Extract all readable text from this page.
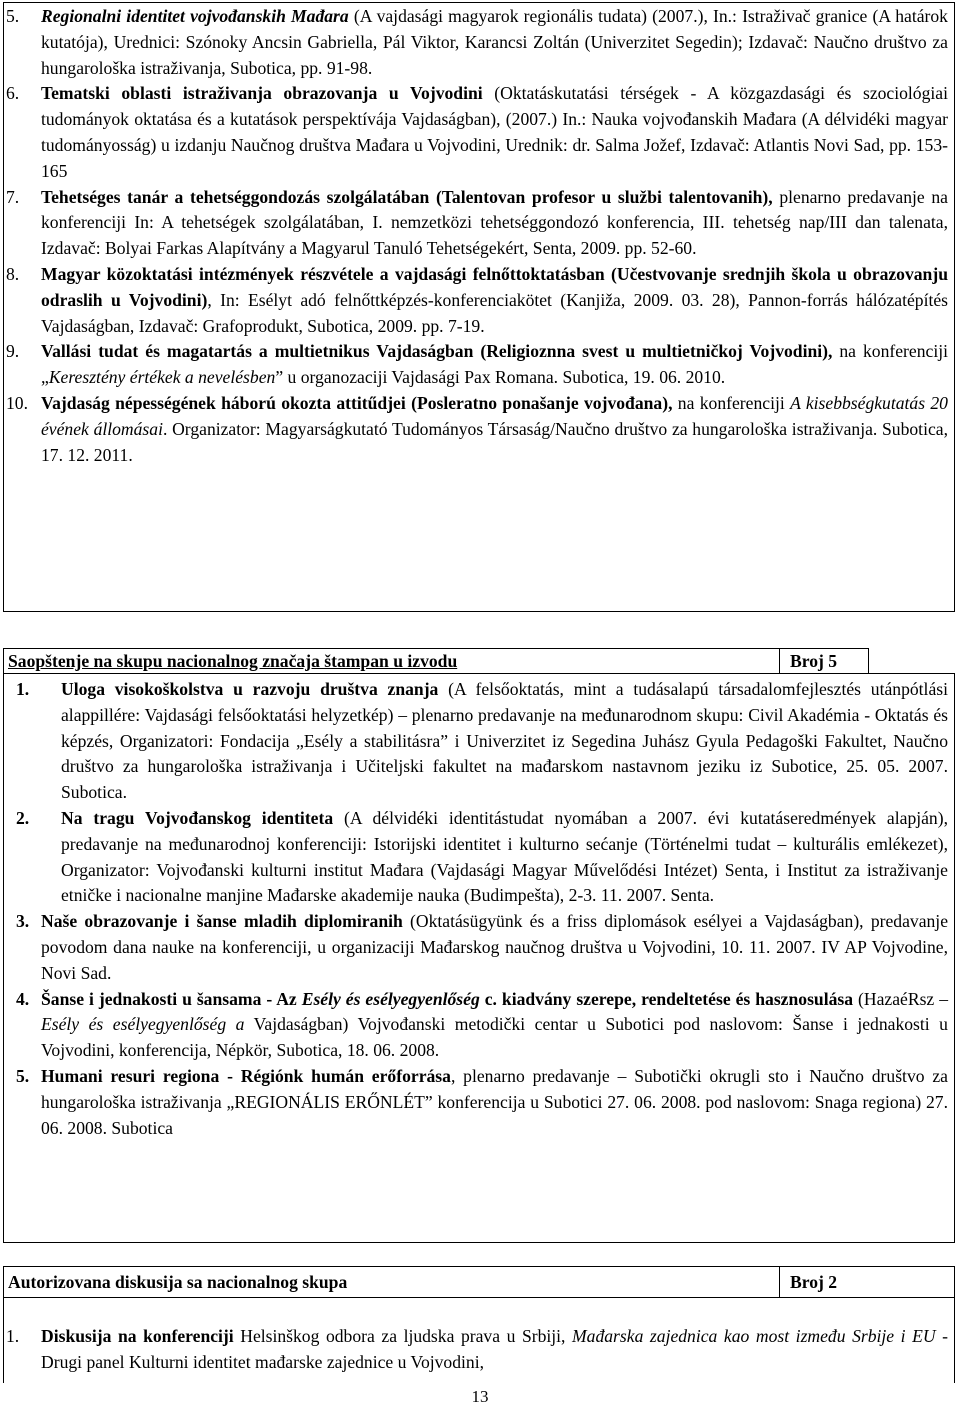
5.	Regionalni identitet vojvođanskih Mađara (A vajdasági magyarok regionális tudata) (2007.), In.: Istraživač granice (A határok kutatója), Urednici: Szónoky Ancsin Gabriella, Pál Viktor, Karancsi Zoltán (Univerzitet Segedin); Izdavač: Naučno društvo za hungarološka istraživanja, Subotica, pp. 91-98.
6.	Tematski oblasti istraživanja obrazovanja u Vojvodini (Oktatáskutatási térségek - A közgazdasági és szociológiai tudományok oktatása és a kutatások perspektívája Vajdaságban), (2007.) In.: Nauka vojvođanskih Mađara (A délvidéki magyar tudományosság) u izdanju Naučnog društva Mađara u Vojvodini, Urednik: dr. Salma Jožef, Izdavač: Atlantis Novi Sad, pp. 153-165
7.	Tehetséges tanár a tehetséggondozás szolgálatában (Talentovan profesor u službi talentovanih), plenarno predavanje na konferenciji In: A tehetségek szolgálatában, I. nemzetközi tehetséggondozó konferencia, III. tehetség nap/III dan talenata, Izdavač: Bolyai Farkas Alapítvány a Magyarul Tanuló Tehetségekért, Senta, 2009. pp. 52-60.
8.	Magyar közoktatási intézmények részvétele a vajdasági felnőttoktatásban (Učestvovanje srednjih škola u obrazovanju odraslih u Vojvodini), In: Esélyt adó felnőttképzés-konferenciakötet (Kanjiža, 2009. 03. 28), Pannon-forrás hálózatépítés Vajdaságban, Izdavač: Grafoprodukt, Subotica, 2009. pp. 7-19.
9.	Vallási tudat és magatartás a multietnikus Vajdaságban (Religioznna svest u multietničkoj Vojvodini), na konferenciji „Keresztény értékek a nevelésben” u organozaciji Vajdasági Pax Romana. Subotica, 19. 06. 2010.
10. Vajdaság népességének háború okozta attitűdjei (Posleratno ponašanje vojvođana), na konferenciji A kisebbségkutatás 20 évének állomásai. Organizator: Magyarságkutató Tudományos Társaság/Naučno društvo za hungarološka istraživanja. Subotica, 17. 12. 2011.
Saopštenje na skupu nacionalnog značaja štampan u izvodu	Broj 5
1.	Uloga visokoškolstva u razvoju društva znanja (A felsőoktatás, mint a tudásalapú társadalomfejlesztés utánpótlási alappillére: Vajdasági felsőoktatási helyzetkép) – plenarno predavanje na međunarodnom skupu: Civil Akadémia - Oktatás és képzés, Organizatori: Fondacija „Esély a stabilitásra” i Univerzitet iz Segedina Juhász Gyula Pedagoški Fakultet, Naučno društvo za hungarološka istraživanja i Učiteljski fakultet na mađarskom nastavnom jeziku iz Subotice, 25. 05. 2007. Subotica.
2.	Na tragu Vojvođanskog identiteta (A délvidéki identitástudat nyomában a 2007. évi kutatáseredmények alapján), predavanje na međunarodnoj konferenciji: Istorijski identitet i kulturno sećanje (Történelmi tudat – kulturális emlékezet), Organizator: Vojvođanski kulturni institut Mađara (Vajdasági Magyar Művelődési Intézet) Senta, i Institut za istraživanje etničke i nacionalne manjine Mađarske akademije nauka (Budimpešta), 2-3. 11. 2007. Senta.
3. Naše obrazovanje i šanse mladih diplomiranih (Oktatásügyünk és a friss diplomások esélyei a Vajdaságban), predavanje povodom dana nauke na konferenciji, u organizaciji Mađarskog naučnog društva u Vojvodini, 10. 11. 2007. IV AP Vojvodine, Novi Sad.
4. Šanse i jednakosti u šansama - Az Esély és esélyegyenlőség c. kiadvány szerepe, rendeltetése és hasznosulása (HazaéRsz – Esély és esélyegyenlőség a Vajdaságban) Vojvođanski metodički centar u Subotici pod naslovom: Šanse i jednakosti u Vojvodini, konferencija, Népkör, Subotica, 18. 06. 2008.
5. Humani resuri regiona - Régiónk humán erőforrása, plenarno predavanje – Subotički okrugli sto i Naučno društvo za hungarološka istraživanja „REGIONÁLIS ERŐNLÉT” konferencija u Subotici 27. 06. 2008. pod naslovom: Snaga regiona) 27. 06. 2008. Subotica
Autorizovana diskusija sa nacionalnog skupa	Broj 2
1.	Diskusija na konferenciji Helsinškog odbora za ljudska prava u Srbiji, Mađarska zajednica kao most između Srbije i EU - Drugi panel Kulturni identitet mađarske zajednice u Vojvodini,
13
